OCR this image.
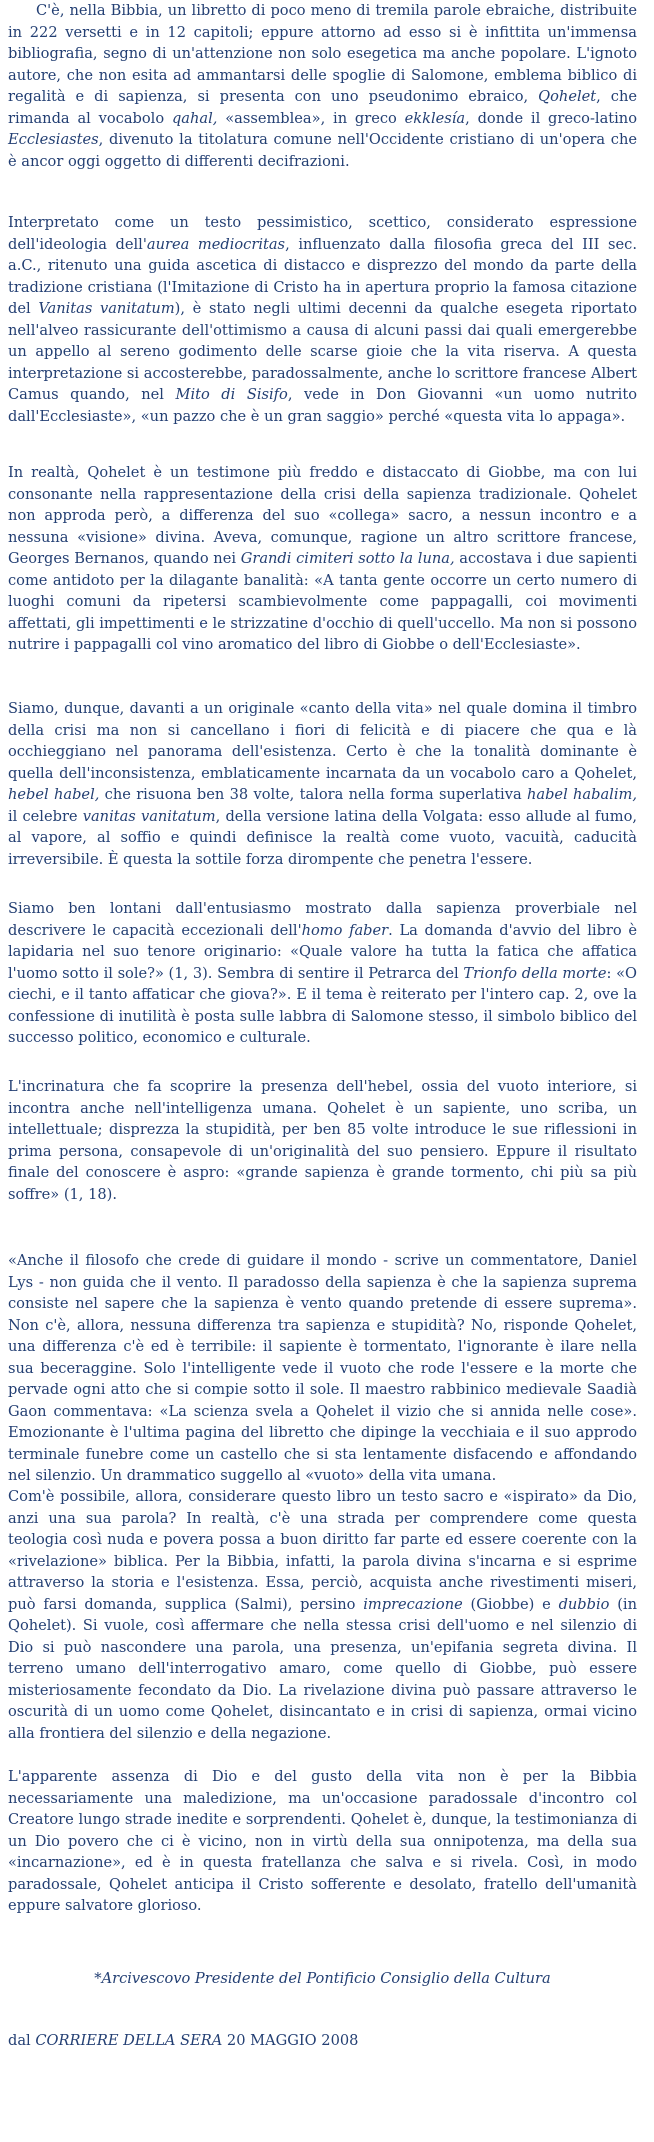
C'è, nella Bibbia, un libretto di poco meno di tremila parole ebraiche, distribuite in 222 versetti e in 12 capitoli; eppure attorno ad esso si è infittita un'immensa bibliografia, segno di un'attenzione non solo esegetica ma anche popolare. L'ignoto autore, che non esita ad ammantarsi delle spoglie di Salomone, emblema biblico di regalità e di sapienza, si presenta con uno pseudonimo ebraico, Qohelet, che rimanda al vocabolo qahal, «assemblea», in greco ekklesía, donde il greco-latino Ecclesiastes, divenuto la titolatura comune nell'Occidente cristiano di un'opera che è ancor oggi oggetto di differenti decifrazioni.

Interpretato come un testo pessimistico, scettico, considerato espressione dell'ideologia dell'aurea mediocritas, influenzato dalla filosofia greca del III sec. a.C., ritenuto una guida ascetica di distacco e disprezzo del mondo da parte della tradizione cristiana (l'Imitazione di Cristo ha in apertura proprio la famosa citazione del Vanitas vanitatum), è stato negli ultimi decenni da qualche esegeta riportato nell'alveo rassicurante dell'ottimismo a causa di alcuni passi dai quali emergerebbe un appello al sereno godimento delle scarse gioie che la vita riserva. A questa interpretazione si accosterebbe, paradossalmente, anche lo scrittore francese Albert Camus quando, nel Mito di Sisifo, vede in Don Giovanni «un uomo nutrito dall'Ecclesiaste», «un pazzo che è un gran saggio» perché «questa vita lo appaga».

In realtà, Qohelet è un testimone più freddo e distaccato di Giobbe, ma con lui consonante nella rappresentazione della crisi della sapienza tradizionale. Qohelet non approda però, a differenza del suo «collega» sacro, a nessun incontro e a nessuna «visione» divina. Aveva, comunque, ragione un altro scrittore francese, Georges Bernanos, quando nei Grandi cimiteri sotto la luna, accostava i due sapienti come antidoto per la dilagante banalità: «A tanta gente occorre un certo numero di luoghi comuni da ripetersi scambievolmente come pappagalli, coi movimenti affettati, gli impettimenti e le strizzatine d'occhio di quell'uccello. Ma non si possono nutrire i pappagalli col vino aromatico del libro di Giobbe o dell'Ecclesiaste».

Siamo, dunque, davanti a un originale «canto della vita» nel quale domina il timbro della crisi ma non si cancellano i fiori di felicità e di piacere che qua e là occhieggiano nel panorama dell'esistenza. Certo è che la tonalità dominante è quella dell'inconsistenza, emblaticamente incarnata da un vocabolo caro a Qohelet, hebel habel, che risuona ben 38 volte, talora nella forma superlativa habel habalim, il celebre vanitas vanitatum, della versione latina della Volgata: esso allude al fumo, al vapore, al soffio e quindi definisce la realtà come vuoto, vacuità, caducità irreversibile. È questa la sottile forza dirompente che penetra l'essere.

Siamo ben lontani dall'entusiasmo mostrato dalla sapienza proverbiale nel descrivere le capacità eccezionali dell'homo faber. La domanda d'avvio del libro è lapidaria nel suo tenore originario: «Quale valore ha tutta la fatica che affatica l'uomo sotto il sole?» (1, 3). Sembra di sentire il Petrarca del Trionfo della morte: «O ciechi, e il tanto affaticar che giova?». E il tema è reiterato per l'intero cap. 2, ove la confessione di inutilità è posta sulle labbra di Salomone stesso, il simbolo biblico del successo politico, economico e culturale.

L'incrinatura che fa scoprire la presenza dell'hebel, ossia del vuoto interiore, si incontra anche nell'intelligenza umana. Qohelet è un sapiente, uno scriba, un intellettuale; disprezza la stupidità, per ben 85 volte introduce le sue riflessioni in prima persona, consapevole di un'originalità del suo pensiero. Eppure il risultato finale del conoscere è aspro: «grande sapienza è grande tormento, chi più sa più soffre» (1, 18).

«Anche il filosofo che crede di guidare il mondo - scrive un commentatore, Daniel Lys - non guida che il vento. Il paradosso della sapienza è che la sapienza suprema consiste nel sapere che la sapienza è vento quando pretende di essere suprema». Non c'è, allora, nessuna differenza tra sapienza e stupidità? No, risponde Qohelet, una differenza c'è ed è terribile: il sapiente è tormentato, l'ignorante è ilare nella sua beceraggine. Solo l'intelligente vede il vuoto che rode l'essere e la morte che pervade ogni atto che si compie sotto il sole. Il maestro rabbinico medievale Saadià Gaon commentava: «La scienza svela a Qohelet il vizio che si annida nelle cose». Emozionante è l'ultima pagina del libretto che dipinge la vecchiaia e il suo approdo terminale funebre come un castello che si sta lentamente disfacendo e affondando nel silenzio. Un drammatico suggello al «vuoto» della vita umana.

Com'è possibile, allora, considerare questo libro un testo sacro e «ispirato» da Dio, anzi una sua parola? In realtà, c'è una strada per comprendere come questa teologia così nuda e povera possa a buon diritto far parte ed essere coerente con la «rivelazione» biblica. Per la Bibbia, infatti, la parola divina s'incarna e si esprime attraverso la storia e l'esistenza. Essa, perciò, acquista anche rivestimenti miseri, può farsi domanda, supplica (Salmi), persino imprecazione (Giobbe) e dubbio (in Qohelet). Si vuole, così affermare che nella stessa crisi dell'uomo e nel silenzio di Dio si può nascondere una parola, una presenza, un'epifania segreta divina. Il terreno umano dell'interrogativo amaro, come quello di Giobbe, può essere misteriosamente fecondato da Dio. La rivelazione divina può passare attraverso le oscurità di un uomo come Qohelet, disincantato e in crisi di sapienza, ormai vicino alla frontiera del silenzio e della negazione.

L'apparente assenza di Dio e del gusto della vita non è per la Bibbia necessariamente una maledizione, ma un'occasione paradossale d'incontro col Creatore lungo strade inedite e sorprendenti. Qohelet è, dunque, la testimonianza di un Dio povero che ci è vicino, non in virtù della sua onnipotenza, ma della sua «incarnazione», ed è in questa fratellanza che salva e si rivela. Così, in modo paradossale, Qohelet anticipa il Cristo sofferente e desolato, fratello dell'umanità eppure salvatore glorioso.

*Arcivescovo Presidente del Pontificio Consiglio della Cultura

dal CORRIERE DELLA SERA 20 MAGGIO 2008
